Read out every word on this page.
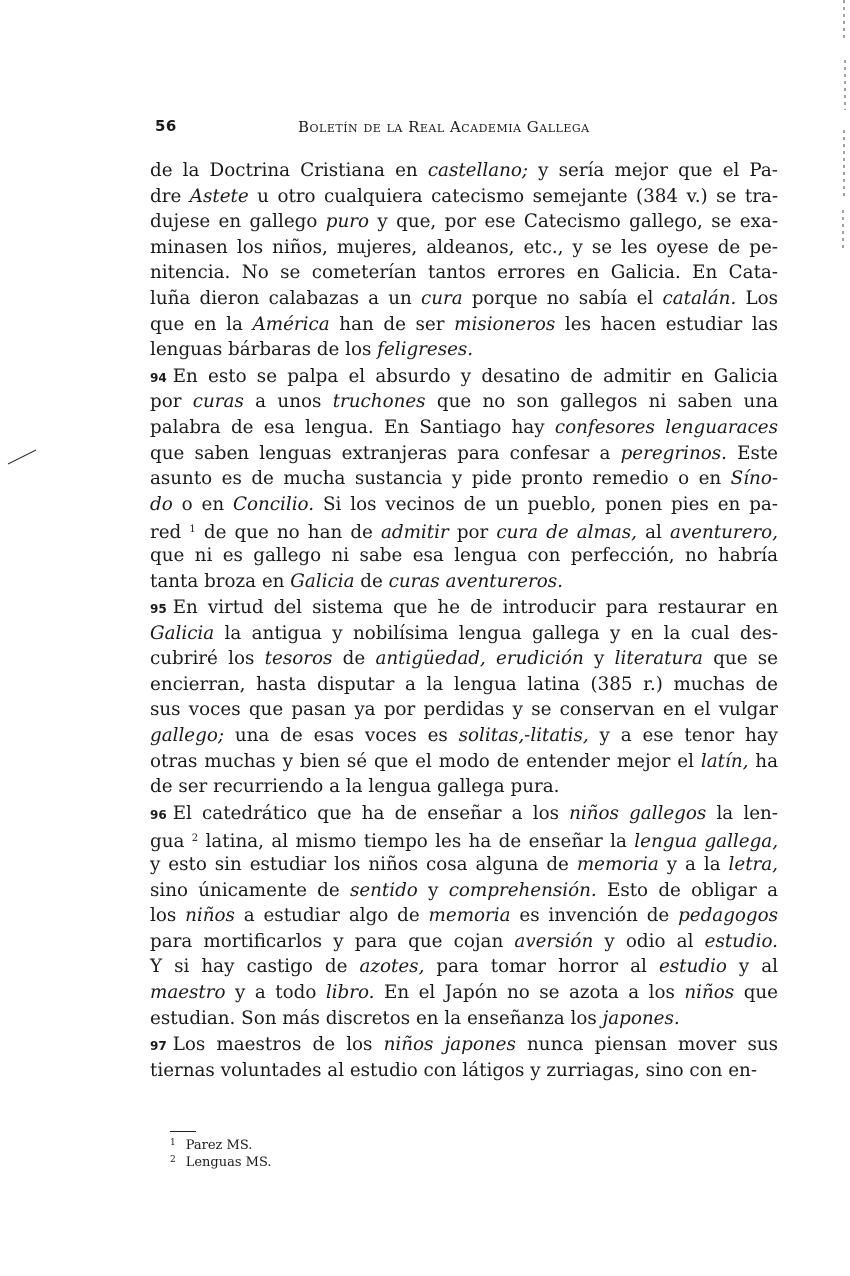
56	Boletín de la Real Academia Gallega
de la Doctrina Cristiana en castellano; y sería mejor que el Pa-
dre Astete u otro cualquiera catecismo semejante (384 v.) se tra-
dujese en gallego puro y que, por ese Catecismo gallego, se exa-
minasen los niños, mujeres, aldeanos, etc., y se les oyese de pe-
nitencia. No se cometerían tantos errores en Galicia. En Cata-
luña dieron calabazas a un cura porque no sabía el catalán. Los
que en la América han de ser misioneros les hacen estudiar las
lenguas bárbaras de los feligreses.
94 En esto se palpa el absurdo y desatino de admitir en Galicia
por curas a unos truchones que no son gallegos ni saben una
palabra de esa lengua. En Santiago hay confesores lenguaraces
que saben lenguas extranjeras para confesar a peregrinos. Este
asunto es de mucha sustancia y pide pronto remedio o en Síno-
do o en Concilio. Si los vecinos de un pueblo, ponen pies en pa-
red $^1$ de que no han de admitir por cura de almas, al aventurero,
que ni es gallego ni sabe esa lengua con perfección, no habría
tanta broza en Galicia de curas aventureros.
95 En virtud del sistema que he de introducir para restaurar en
Galicia la antigua y nobilísima lengua gallega y en la cual des-
cubriré los tesoros de antigüedad, erudición y literatura que se
encierran, hasta disputar a la lengua latina (385 r.) muchas de
sus voces que pasan ya por perdidas y se conservan en el vulgar
gallego; una de esas voces es solitas,-litatis, y a ese tenor hay
otras muchas y bien sé que el modo de entender mejor el latín, ha
de ser recurriendo a la lengua gallega pura.
96 El catedrático que ha de enseñar a los niños gallegos la len-
gua $^2$ latina, al mismo tiempo les ha de enseñar la lengua gallega,
y esto sin estudiar los niños cosa alguna de memoria y a la letra,
sino únicamente de sentido y comprehensión. Esto de obligar a
los niños a estudiar algo de memoria es invención de pedagogos
para mortificarlos y para que cojan aversión y odio al estudio.
Y si hay castigo de azotes, para tomar horror al estudio y al
maestro y a todo libro. En el Japón no se azota a los niños que
estudian. Son más discretos en la enseñanza los japones.
97 Los maestros de los niños japones nunca piensan mover sus
tiernas voluntades al estudio con látigos y zurriagas, sino con en-
$^1$ Parez MS.
$^2$ Lenguas MS.
